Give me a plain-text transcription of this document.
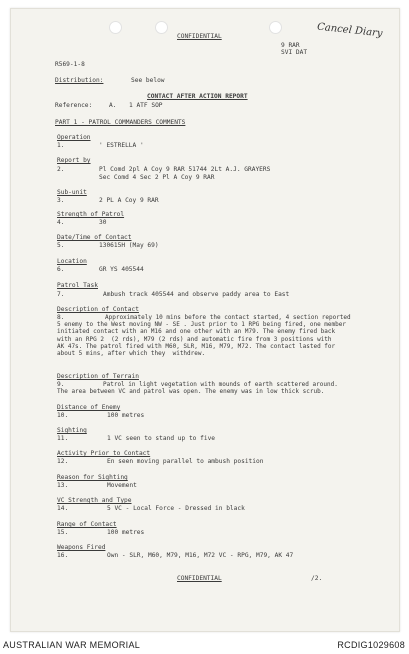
CONFIDENTIAL
9 RAR
SVI DAT
Cancel Diary
R569-1-8
Distribution:	See below
CONTACT AFTER ACTION REPORT
Reference:	A. 1 ATF SOP
PART 1 - PATROL COMMANDERS COMMENTS
Operation
1.	' ESTRELLA '
Report by
2.	Pl Comd 2pl A Coy 9 RAR 51744 2Lt A.J. GRAYERS
Sec Comd 4 Sec 2 Pl A Coy 9 RAR
Sub-unit
3.	2 PL A Coy 9 RAR
Strength of Patrol
4.	30
Date/Time of Contact
5.	130615H (May 69)
Location
6.	GR YS 405544
Patrol Task
7.	Ambush track 405544 and observe paddy area to East
Description of Contact
8.	Approximately 10 mins before the contact started, 4 section reported
5 enemy to the West moving NW - SE . Just prior to 1 RPG being fired, one member
initiated contact with an M16 and one other with an M79. The enemy fired back
with an RPG 2  (2 rds), M79 (2 rds) and automatic fire from 3 positions with
AK 47s. The patrol fired with M60, SLR, M16, M79, M72. The contact lasted for
about 5 mins, after which they  withdrew.
Description of Terrain
9.	Patrol in light vegetation with mounds of earth scattered around.
The area between VC and patrol was open. The enemy was in low thick scrub.
Distance of Enemy
10.	100 metres
Sighting
11.	1 VC seen to stand up to five
Activity Prior to Contact
12.	En seen moving parallel to ambush position
Reason for Sighting
13.	Movement
VC Strength and Type
14.	5 VC - Local Force - Dressed in black
Range of Contact
15.	100 metres
Weapons Fired
16.	Own - SLR, M60, M79, M16, M72 VC - RPG, M79, AK 47
CONFIDENTIAL	/2.
AUSTRALIAN WAR MEMORIAL	RCDIG1029608
